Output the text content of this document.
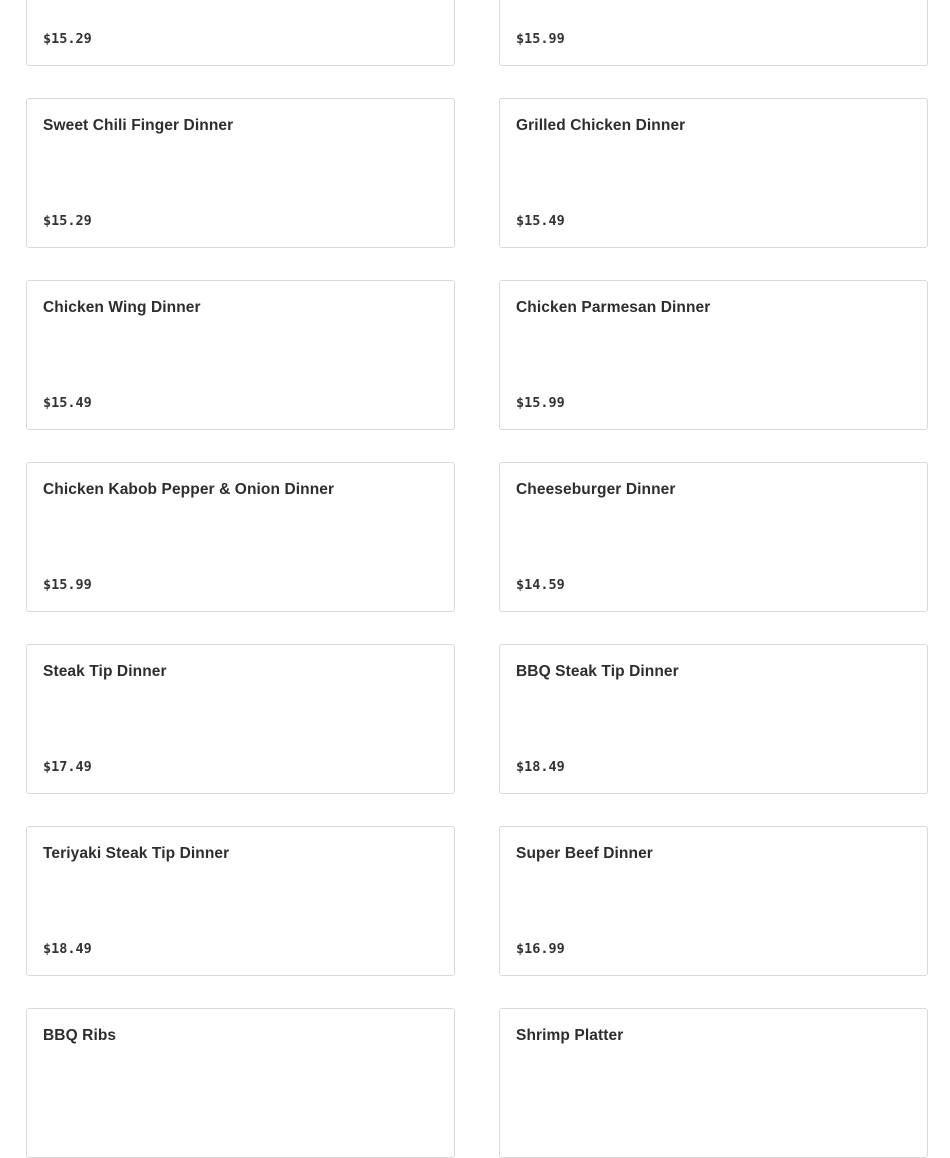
$15.29	$15.99
Sweet Chili Finger Dinner
$15.29
Grilled Chicken Dinner
$15.49
Chicken Wing Dinner
$15.49
Chicken Parmesan Dinner
$15.99
Chicken Kabob Pepper & Onion Dinner
$15.99
Cheeseburger Dinner
$14.59
Steak Tip Dinner
$17.49
BBQ Steak Tip Dinner
$18.49
Teriyaki Steak Tip Dinner
$18.49
Super Beef Dinner
$16.99
BBQ Ribs	Shrimp Platter
